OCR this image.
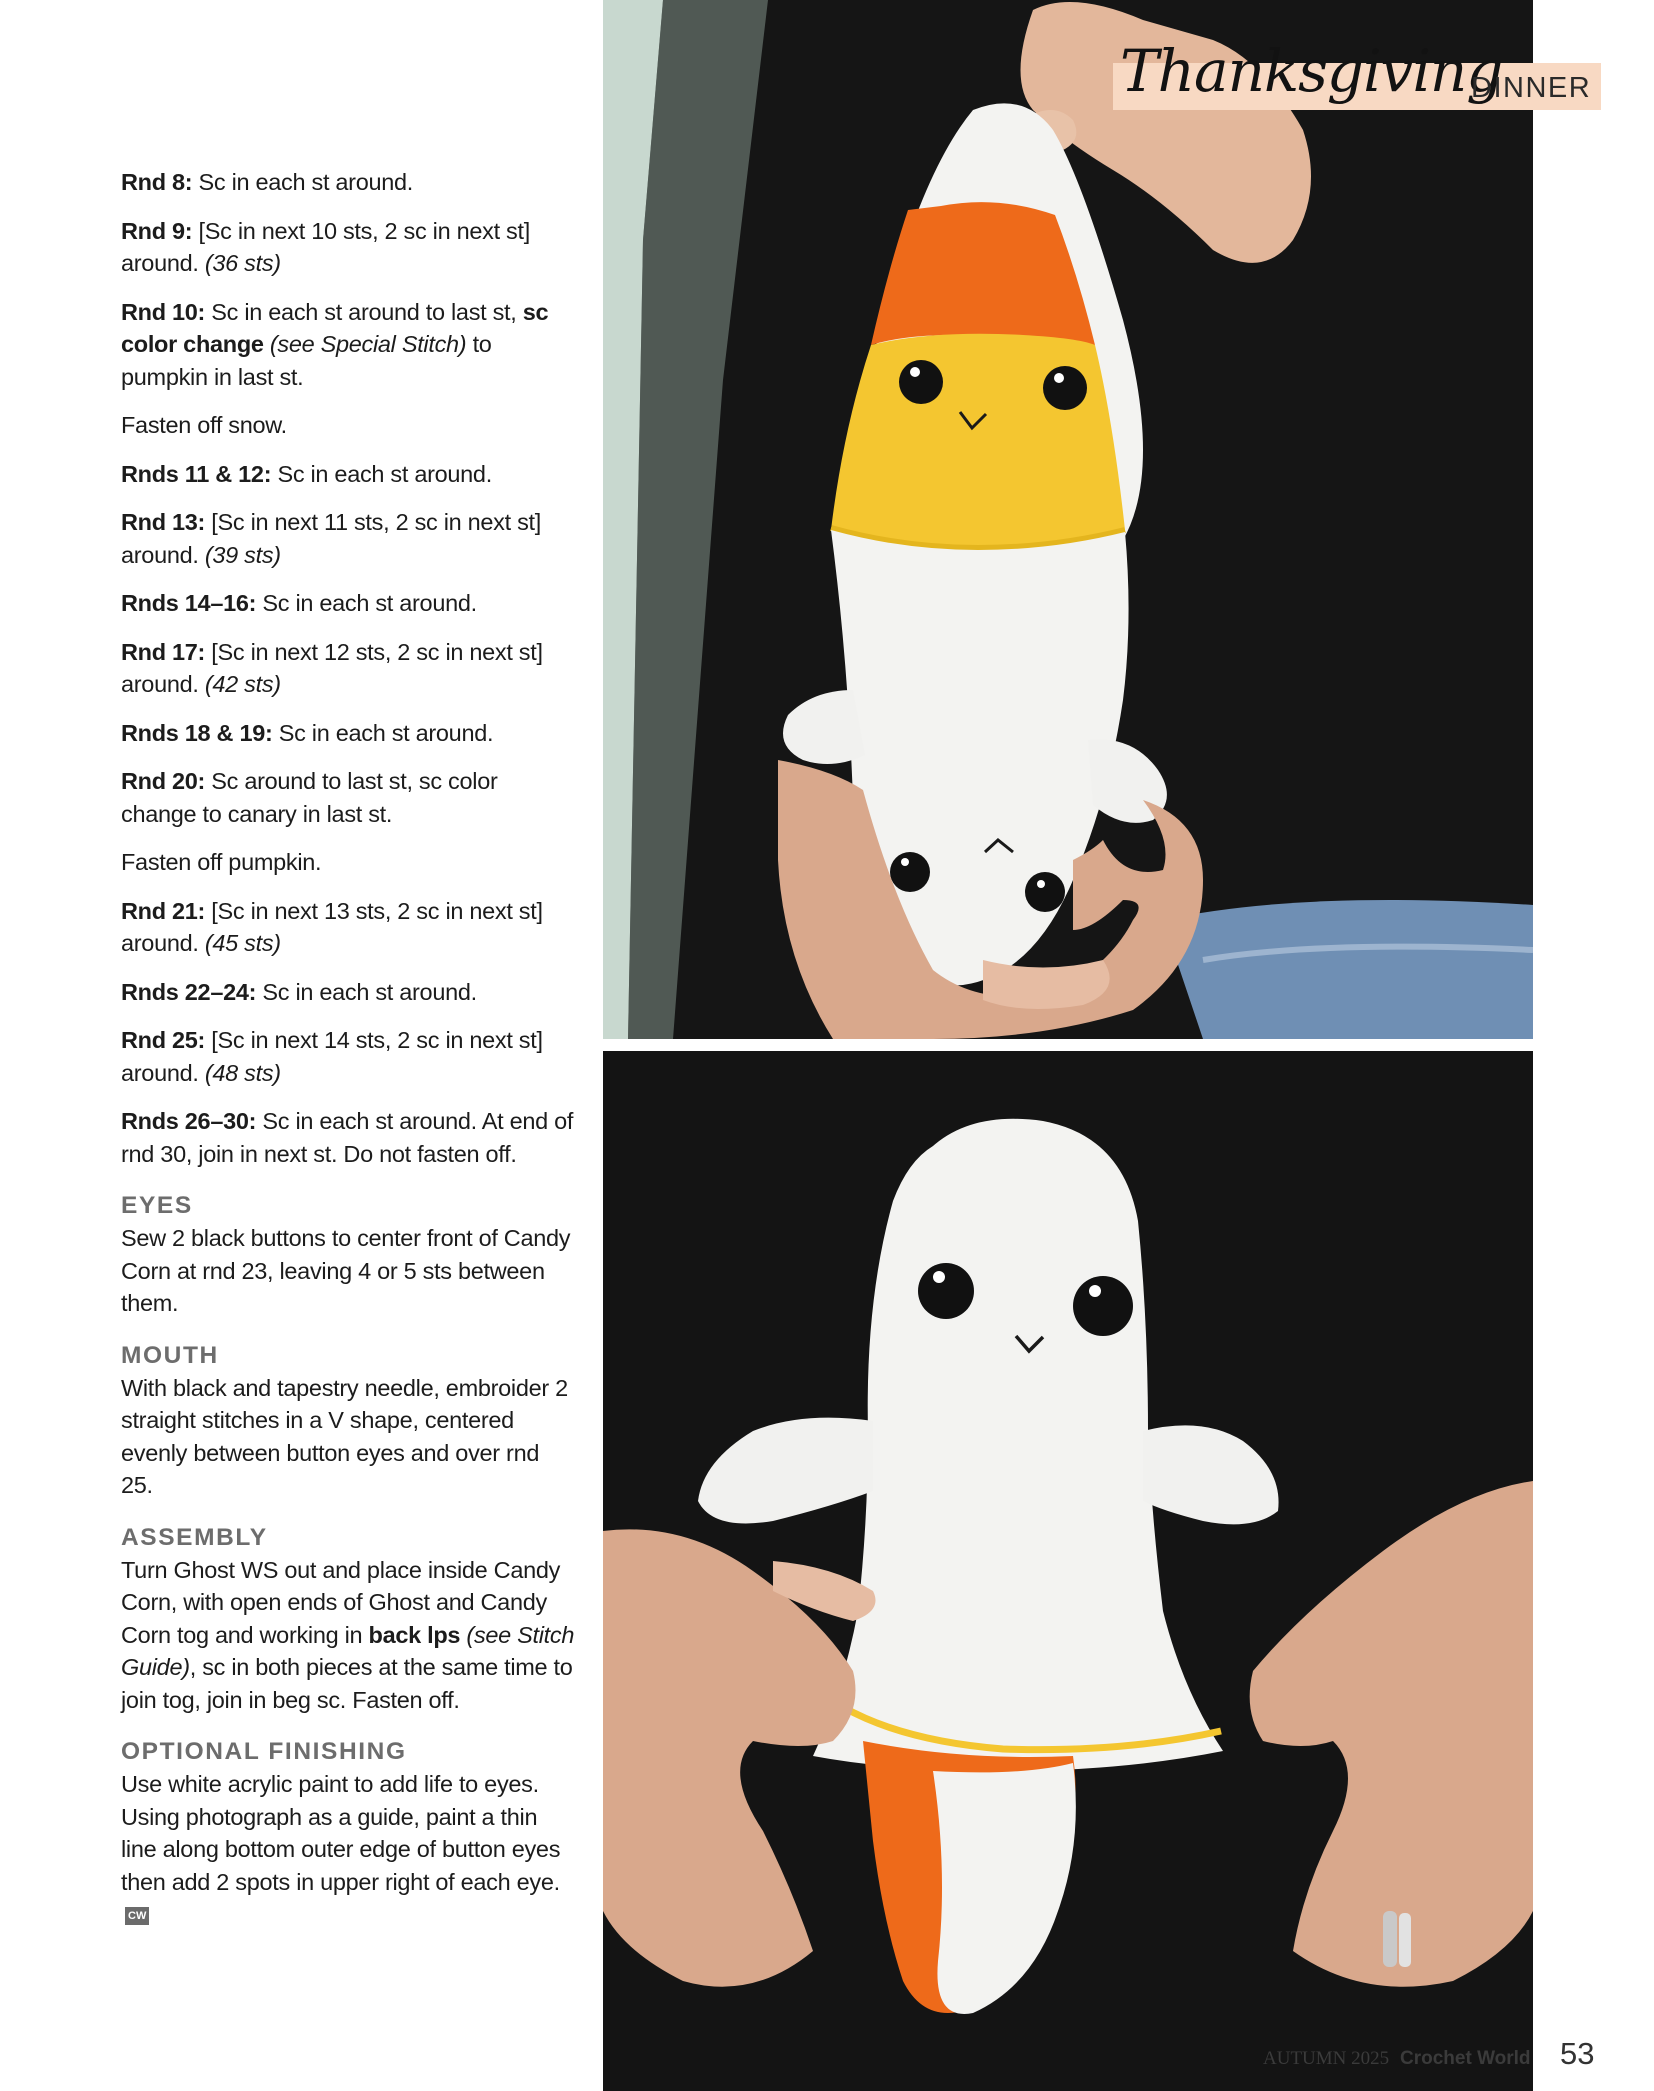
Rnd 8: Sc in each st around.

Rnd 9: [Sc in next 10 sts, 2 sc in next st] around. (36 sts)

Rnd 10: Sc in each st around to last st, sc color change (see Special Stitch) to pumpkin in last st.

Fasten off snow.

Rnds 11 & 12: Sc in each st around.

Rnd 13: [Sc in next 11 sts, 2 sc in next st] around. (39 sts)

Rnds 14–16: Sc in each st around.

Rnd 17: [Sc in next 12 sts, 2 sc in next st] around. (42 sts)

Rnds 18 & 19: Sc in each st around.

Rnd 20: Sc around to last st, sc color change to canary in last st.

Fasten off pumpkin.

Rnd 21: [Sc in next 13 sts, 2 sc in next st] around. (45 sts)

Rnds 22–24: Sc in each st around.

Rnd 25: [Sc in next 14 sts, 2 sc in next st] around. (48 sts)

Rnds 26–30: Sc in each st around. At end of rnd 30, join in next st. Do not fasten off.

EYES

Sew 2 black buttons to center front of Candy Corn at rnd 23, leaving 4 or 5 sts between them.

MOUTH

With black and tapestry needle, embroider 2 straight stitches in a V shape, centered evenly between button eyes and over rnd 25.

ASSEMBLY

Turn Ghost WS out and place inside Candy Corn, with open ends of Ghost and Candy Corn tog and working in back lps (see Stitch Guide), sc in both pieces at the same time to join tog, join in beg sc. Fasten off.

OPTIONAL FINISHING

Use white acrylic paint to add life to eyes. Using photograph as a guide, paint a thin line along bottom outer edge of button eyes then add 2 spots in upper right of each eye.CW

Thanksgiving
DINNER
AUTUMN 2025 Crochet World 53
